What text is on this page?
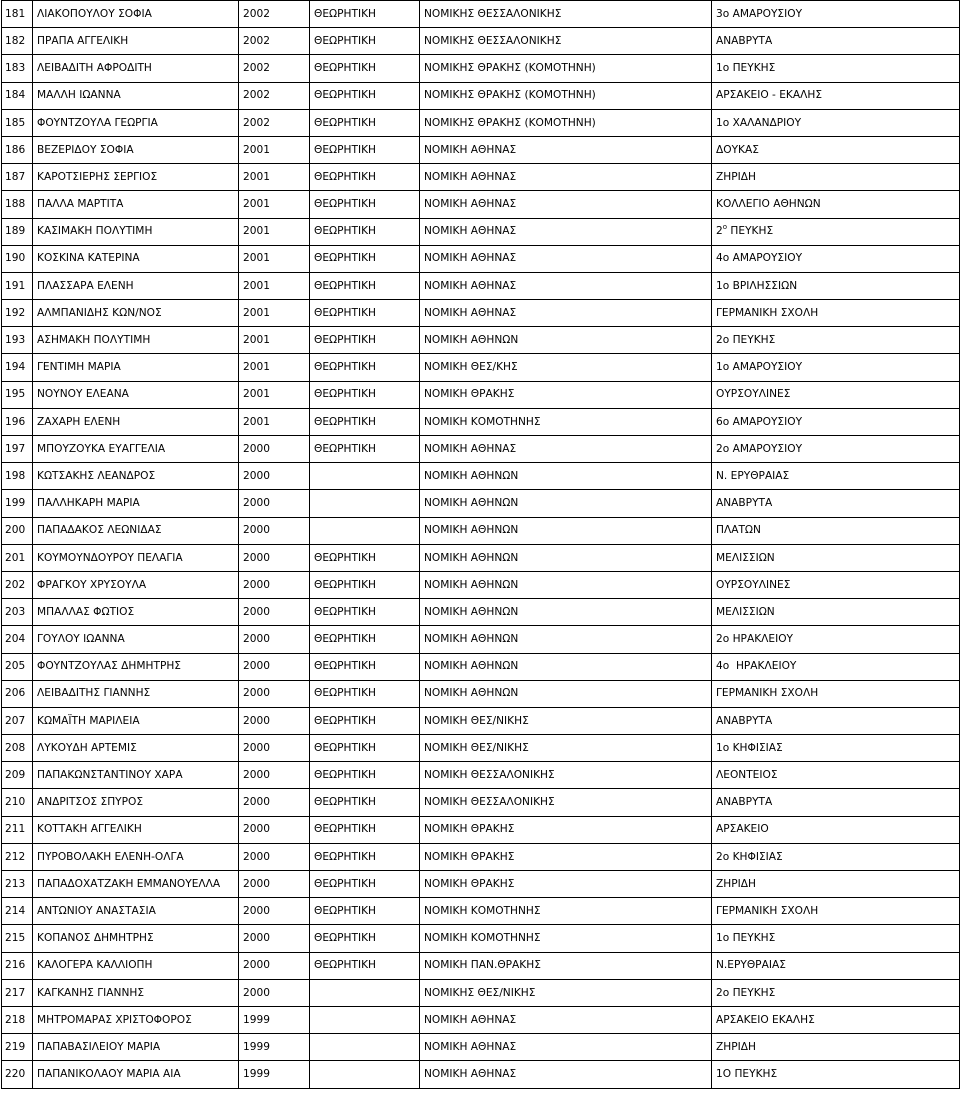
181	ΛΙΑΚΟΠΟΥΛΟΥ ΣΟΦΙΑ	2002	ΘΕΩΡΗΤΙΚΗ	ΝΟΜΙΚΗΣ ΘΕΣΣΑΛΟΝΙΚΗΣ	3ο ΑΜΑΡΟΥΣΙΟΥ
182	ΠΡΑΠΑ ΑΓΓΕΛΙΚΗ	2002	ΘΕΩΡΗΤΙΚΗ	ΝΟΜΙΚΗΣ ΘΕΣΣΑΛΟΝΙΚΗΣ	ΑΝΑΒΡΥΤΑ
183	ΛΕΙΒΑΔΙΤΗ ΑΦΡΟΔΙΤΗ	2002	ΘΕΩΡΗΤΙΚΗ	ΝΟΜΙΚΗΣ ΘΡΑΚΗΣ (ΚΟΜΟΤΗΝΗ)	1ο ΠΕΥΚΗΣ
184	ΜΑΛΛΗ ΙΩΑΝΝΑ	2002	ΘΕΩΡΗΤΙΚΗ	ΝΟΜΙΚΗΣ ΘΡΑΚΗΣ (ΚΟΜΟΤΗΝΗ)	ΑΡΣΑΚΕΙΟ - ΕΚΑΛΗΣ
185	ΦΟΥΝΤΖΟΥΛΑ ΓΕΩΡΓΙΑ	2002	ΘΕΩΡΗΤΙΚΗ	ΝΟΜΙΚΗΣ ΘΡΑΚΗΣ (ΚΟΜΟΤΗΝΗ)	1ο ΧΑΛΑΝΔΡΙΟΥ
186	ΒΕΖΕΡΙΔΟΥ ΣΟΦΙΑ	2001	ΘΕΩΡΗΤΙΚΗ	ΝΟΜΙΚΗ ΑΘΗΝΑΣ	ΔΟΥΚΑΣ
187	ΚΑΡΟΤΣΙΕΡΗΣ ΣΕΡΓΙΟΣ	2001	ΘΕΩΡΗΤΙΚΗ	ΝΟΜΙΚΗ ΑΘΗΝΑΣ	ΖΗΡΙΔΗ
188	ΠΑΛΛΑ ΜΑΡΤΙΤΑ	2001	ΘΕΩΡΗΤΙΚΗ	ΝΟΜΙΚΗ ΑΘΗΝΑΣ	ΚΟΛΛΕΓΙΟ ΑΘΗΝΩΝ
189	ΚΑΣΙΜΑΚΗ ΠΟΛΥΤΙΜΗ	2001	ΘΕΩΡΗΤΙΚΗ	ΝΟΜΙΚΗ ΑΘΗΝΑΣ	$2^o$ ΠΕΥΚΗΣ
190	ΚΟΣΚΙΝΑ ΚΑΤΕΡΙΝΑ	2001	ΘΕΩΡΗΤΙΚΗ	ΝΟΜΙΚΗ ΑΘΗΝΑΣ	4ο ΑΜΑΡΟΥΣΙΟΥ
191	ΠΛΑΣΣΑΡΑ ΕΛΕΝΗ	2001	ΘΕΩΡΗΤΙΚΗ	ΝΟΜΙΚΗ ΑΘΗΝΑΣ	1ο ΒΡΙΛΗΣΣΙΩΝ
192	ΑΛΜΠΑΝΙΔΗΣ ΚΩΝ/ΝΟΣ	2001	ΘΕΩΡΗΤΙΚΗ	ΝΟΜΙΚΗ ΑΘΗΝΑΣ	ΓΕΡΜΑΝΙΚΗ ΣΧΟΛΗ
193	ΑΣΗΜΑΚΗ ΠΟΛΥΤΙΜΗ	2001	ΘΕΩΡΗΤΙΚΗ	ΝΟΜΙΚΗ ΑΘΗΝΩΝ	2ο ΠΕΥΚΗΣ
194	ΓΕΝΤΙΜΗ ΜΑΡΙΑ	2001	ΘΕΩΡΗΤΙΚΗ	ΝΟΜΙΚΗ ΘΕΣ/ΚΗΣ	1ο ΑΜΑΡΟΥΣΙΟΥ
195	ΝΟΥΝΟΥ ΕΛΕΑΝΑ	2001	ΘΕΩΡΗΤΙΚΗ	ΝΟΜΙΚΗ ΘΡΑΚΗΣ	ΟΥΡΣΟΥΛΙΝΕΣ
196	ΖΑΧΑΡΗ ΕΛΕΝΗ	2001	ΘΕΩΡΗΤΙΚΗ	ΝΟΜΙΚΗ ΚΟΜΟΤΗΝΗΣ	6ο ΑΜΑΡΟΥΣΙΟΥ
197	ΜΠΟΥΖΟΥΚΑ ΕΥΑΓΓΕΛΙΑ	2000	ΘΕΩΡΗΤΙΚΗ	ΝΟΜΙΚΗ ΑΘΗΝΑΣ	2ο ΑΜΑΡΟΥΣΙΟΥ
198	ΚΩΤΣΑΚΗΣ ΛΕΑΝΔΡΟΣ	2000		ΝΟΜΙΚΗ ΑΘΗΝΩΝ	Ν. ΕΡΥΘΡΑΙΑΣ
199	ΠΑΛΛΗΚΑΡΗ ΜΑΡΙΑ	2000		ΝΟΜΙΚΗ ΑΘΗΝΩΝ	ΑΝΑΒΡΥΤΑ
200	ΠΑΠΑΔΑΚΟΣ ΛΕΩΝΙΔΑΣ	2000		ΝΟΜΙΚΗ ΑΘΗΝΩΝ	ΠΛΑΤΩΝ
201	ΚΟΥΜΟΥΝΔΟΥΡΟΥ ΠΕΛΑΓΙΑ	2000	ΘΕΩΡΗΤΙΚΗ	ΝΟΜΙΚΗ ΑΘΗΝΩΝ	ΜΕΛΙΣΣΙΩΝ
202	ΦΡΑΓΚΟΥ ΧΡΥΣΟΥΛΑ	2000	ΘΕΩΡΗΤΙΚΗ	ΝΟΜΙΚΗ ΑΘΗΝΩΝ	ΟΥΡΣΟΥΛΙΝΕΣ
203	ΜΠΑΛΛΑΣ ΦΩΤΙΟΣ	2000	ΘΕΩΡΗΤΙΚΗ	ΝΟΜΙΚΗ ΑΘΗΝΩΝ	ΜΕΛΙΣΣΙΩΝ
204	ΓΟΥΛΟΥ ΙΩΑΝΝΑ	2000	ΘΕΩΡΗΤΙΚΗ	ΝΟΜΙΚΗ ΑΘΗΝΩΝ	2ο ΗΡΑΚΛΕΙΟΥ
205	ΦΟΥΝΤΖΟΥΛΑΣ ΔΗΜΗΤΡΗΣ	2000	ΘΕΩΡΗΤΙΚΗ	ΝΟΜΙΚΗ ΑΘΗΝΩΝ	4ο  ΗΡΑΚΛΕΙΟΥ
206	ΛΕΙΒΑΔΙΤΗΣ ΓΙΑΝΝΗΣ	2000	ΘΕΩΡΗΤΙΚΗ	ΝΟΜΙΚΗ ΑΘΗΝΩΝ	ΓΕΡΜΑΝΙΚΗ ΣΧΟΛΗ
207	ΚΩΜΑΪΤΗ ΜΑΡΙΛΕΙΑ	2000	ΘΕΩΡΗΤΙΚΗ	ΝΟΜΙΚΗ ΘΕΣ/ΝΙΚΗΣ	ΑΝΑΒΡΥΤΑ
208	ΛΥΚΟΥΔΗ ΑΡΤΕΜΙΣ	2000	ΘΕΩΡΗΤΙΚΗ	ΝΟΜΙΚΗ ΘΕΣ/ΝΙΚΗΣ	1ο ΚΗΦΙΣΙΑΣ
209	ΠΑΠΑΚΩΝΣΤΑΝΤΙΝΟΥ ΧΑΡΑ	2000	ΘΕΩΡΗΤΙΚΗ	ΝΟΜΙΚΗ ΘΕΣΣΑΛΟΝΙΚΗΣ	ΛΕΟΝΤΕΙΟΣ
210	ΑΝΔΡΙΤΣΟΣ ΣΠΥΡΟΣ	2000	ΘΕΩΡΗΤΙΚΗ	ΝΟΜΙΚΗ ΘΕΣΣΑΛΟΝΙΚΗΣ	ΑΝΑΒΡΥΤΑ
211	ΚΟΤΤΑΚΗ ΑΓΓΕΛΙΚΗ	2000	ΘΕΩΡΗΤΙΚΗ	ΝΟΜΙΚΗ ΘΡΑΚΗΣ	ΑΡΣΑΚΕΙΟ
212	ΠΥΡΟΒΟΛΑΚΗ ΕΛΕΝΗ-ΟΛΓΑ	2000	ΘΕΩΡΗΤΙΚΗ	ΝΟΜΙΚΗ ΘΡΑΚΗΣ	2ο ΚΗΦΙΣΙΑΣ
213	ΠΑΠΑΔΟΧΑΤΖΑΚΗ ΕΜΜΑΝΟΥΕΛΛΑ	2000	ΘΕΩΡΗΤΙΚΗ	ΝΟΜΙΚΗ ΘΡΑΚΗΣ	ΖΗΡΙΔΗ
214	ΑΝΤΩΝΙΟΥ ΑΝΑΣΤΑΣΙΑ	2000	ΘΕΩΡΗΤΙΚΗ	ΝΟΜΙΚΗ ΚΟΜΟΤΗΝΗΣ	ΓΕΡΜΑΝΙΚΗ ΣΧΟΛΗ
215	ΚΟΠΑΝΟΣ ΔΗΜΗΤΡΗΣ	2000	ΘΕΩΡΗΤΙΚΗ	ΝΟΜΙΚΗ ΚΟΜΟΤΗΝΗΣ	1ο ΠΕΥΚΗΣ
216	ΚΑΛΟΓΕΡΑ ΚΑΛΛΙΟΠΗ	2000	ΘΕΩΡΗΤΙΚΗ	ΝΟΜΙΚΗ ΠΑΝ.ΘΡΑΚΗΣ	Ν.ΕΡΥΘΡΑΙΑΣ
217	ΚΑΓΚΑΝΗΣ ΓΙΑΝΝΗΣ	2000		ΝΟΜΙΚΗΣ ΘΕΣ/ΝΙΚΗΣ	2ο ΠΕΥΚΗΣ
218	ΜΗΤΡΟΜΑΡΑΣ ΧΡΙΣΤΟΦΟΡΟΣ	1999		ΝΟΜΙΚΗ ΑΘΗΝΑΣ	ΑΡΣΑΚΕΙΟ ΕΚΑΛΗΣ
219	ΠΑΠΑΒΑΣΙΛΕΙΟΥ ΜΑΡΙΑ	1999		ΝΟΜΙΚΗ ΑΘΗΝΑΣ	ΖΗΡΙΔΗ
220	ΠΑΠΑΝΙΚΟΛΑΟΥ ΜΑΡΙΑ ΑΙΑ	1999		ΝΟΜΙΚΗ ΑΘΗΝΑΣ	1Ο ΠΕΥΚΗΣ
